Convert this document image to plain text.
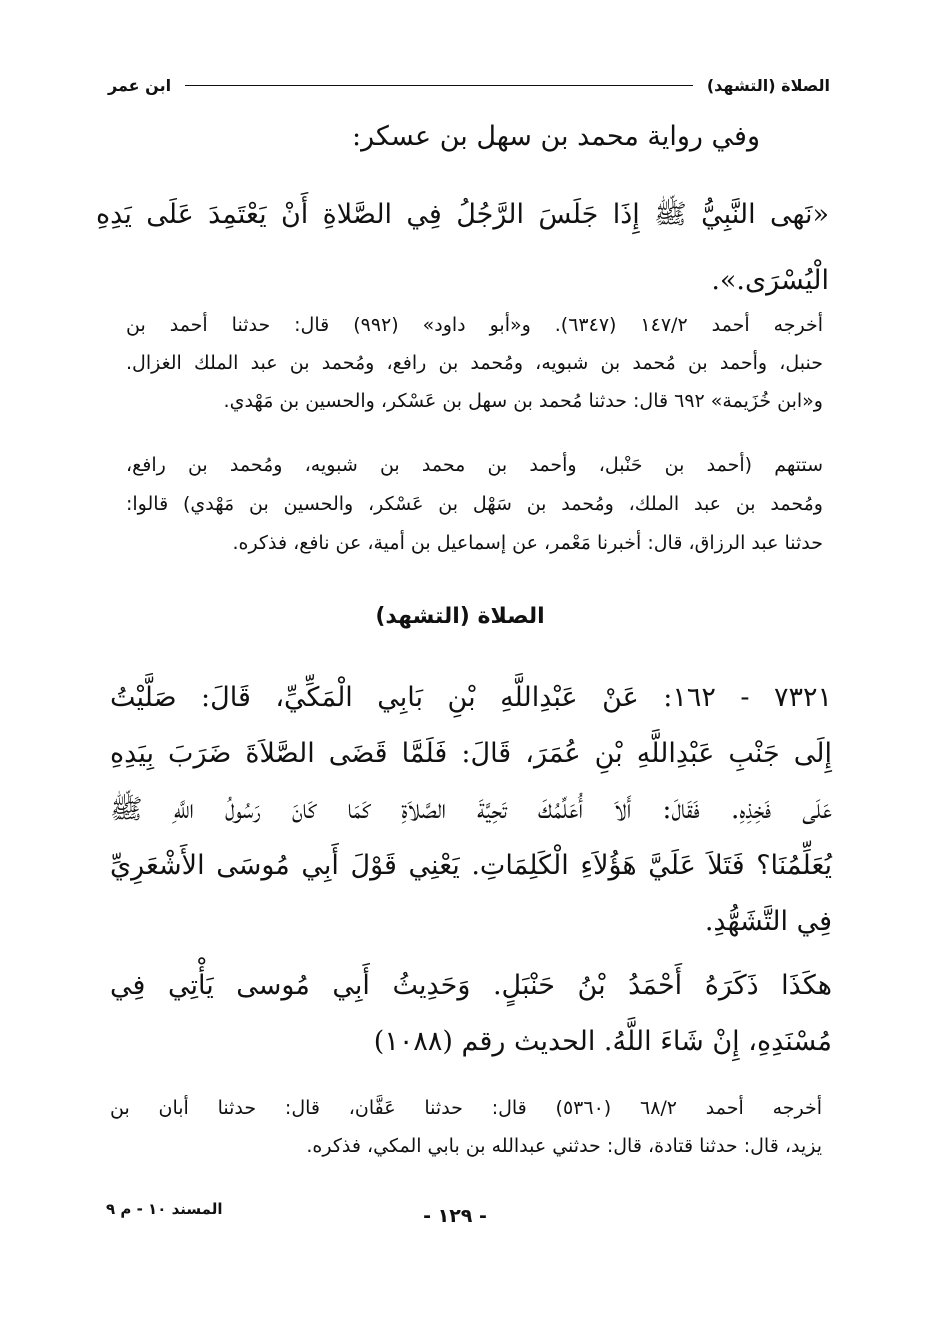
الصلاة (التشهد)
ابن عمر
وفي رواية محمد بن سهل بن عسكر:
«نَهى النَّبِيُّ ﷺ إِذَا جَلَسَ الرَّجُلُ فِي الصَّلاةِ أَنْ يَعْتَمِدَ عَلَى يَدِهِ
الْيُسْرَى.».
أخرجه أحمد ١٤٧/٢ (٦٣٤٧). و«أبو داود» (٩٩٢) قال: حدثنا أحمد بن
حنبل، وأحمد بن مُحمد بن شبويه، ومُحمد بن رافع، ومُحمد بن عبد الملك الغزال.
و«ابن خُزَيمة» ٦٩٢ قال: حدثنا مُحمد بن سهل بن عَسْكر، والحسين بن مَهْدي.
ستتهم (أحمد بن حَنْبل، وأحمد بن محمد بن شبويه، ومُحمد بن رافع،
ومُحمد بن عبد الملك، ومُحمد بن سَهْل بن عَسْكر، والحسين بن مَهْدي) قالوا:
حدثنا عبد الرزاق، قال: أخبرنا مَعْمر، عن إسماعيل بن أمية، عن نافع، فذكره.
الصلاة (التشهد)
٧٣٢١ - ١٦٢: عَنْ عَبْدِاللَّهِ بْنِ بَابِي الْمَكِّيِّ، قَالَ: صَلَّيْتُ
إِلَى جَنْبِ عَبْدِاللَّهِ بْنِ عُمَرَ، قَالَ: فَلَمَّا قَضَى الصَّلاَةَ ضَرَبَ بِيَدِهِ
عَلَى فَخِذِهِ. فَقَالَ: أَلاَ أُعَلِّمُكَ تَحِيَّةَ الصَّلاَةِ كَمَا كَانَ رَسُولُ اللَّهِ ﷺ
يُعَلِّمُنَا؟ فَتَلاَ عَلَيَّ هَؤُلاَءِ الْكَلِمَاتِ. يَعْنِي قَوْلَ أَبِي مُوسَى الأَشْعَرِيِّ
فِي التَّشَهُّدِ.
هكَذَا ذَكَرَهُ أَحْمَدُ بْنُ حَنْبَلٍ. وَحَدِيثُ أَبِي مُوسى يَأْتِي فِي
مُسْنَدِهِ، إِنْ شَاءَ اللَّهُ. الحديث رقم (١٠٨٨)
أخرجه أحمد ٦٨/٢ (٥٣٦٠) قال: حدثنا عَفَّان، قال: حدثنا أبان بن
يزيد، قال: حدثنا قتادة، قال: حدثني عبدالله بن بابي المكي، فذكره.
- ١٢٩ -
المسند ١٠ - م ٩
